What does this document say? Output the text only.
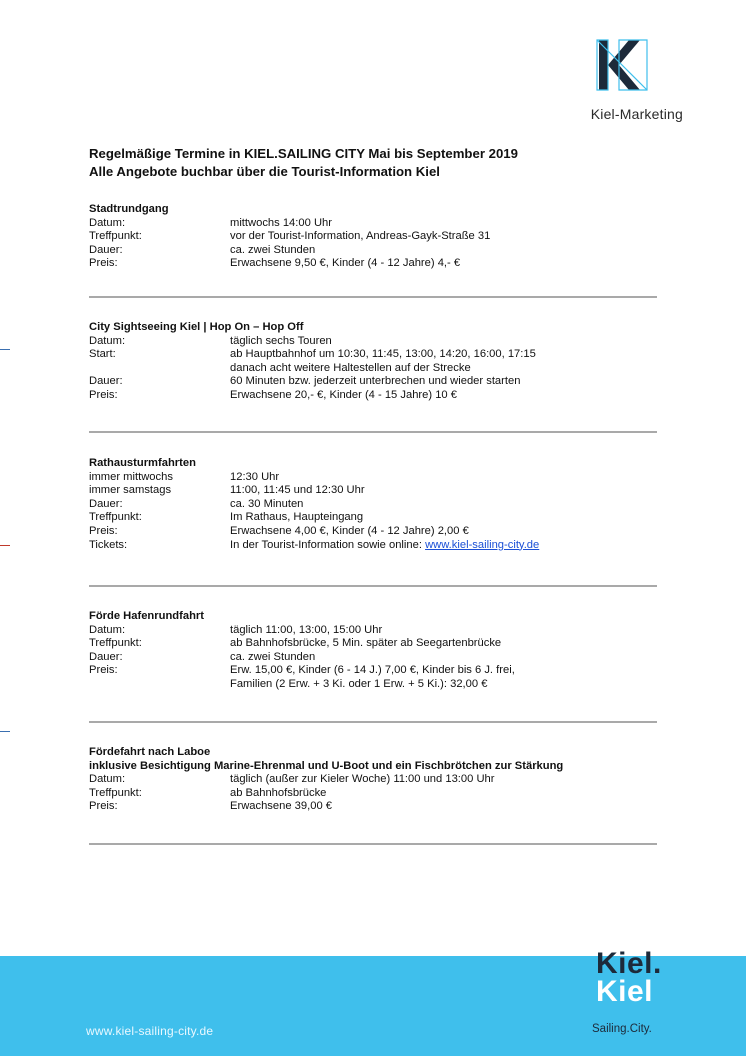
Kiel-Marketing
Regelmäßige Termine in KIEL.SAILING CITY Mai bis September 2019
Alle Angebote buchbar über die Tourist-Information Kiel
Stadtrundgang
Datum:	mittwochs 14:00 Uhr
Treffpunkt:	vor der Tourist-Information, Andreas-Gayk-Straße 31
Dauer:	ca. zwei Stunden
Preis:	Erwachsene 9,50 €, Kinder (4 - 12 Jahre) 4,- €
City Sightseeing Kiel | Hop On – Hop Off
Datum:	täglich sechs Touren
Start:	ab Hauptbahnhof um 10:30, 11:45, 13:00, 14:20, 16:00, 17:15
danach acht weitere Haltestellen auf der Strecke
Dauer:	60 Minuten bzw. jederzeit unterbrechen und wieder starten
Preis:	Erwachsene 20,- €, Kinder (4 - 15 Jahre) 10 €
Rathausturmfahrten
immer mittwochs	12:30 Uhr
immer samstags	11:00, 11:45 und 12:30 Uhr
Dauer:	ca. 30 Minuten
Treffpunkt:	Im Rathaus, Haupteingang
Preis:	Erwachsene 4,00 €, Kinder (4 - 12 Jahre) 2,00 €
Tickets:	In der Tourist-Information sowie online: www.kiel-sailing-city.de
Förde Hafenrundfahrt
Datum:	täglich 11:00, 13:00, 15:00 Uhr
Treffpunkt:	ab Bahnhofsbrücke, 5 Min. später ab Seegartenbrücke
Dauer:	ca. zwei Stunden
Preis:	Erw. 15,00 €, Kinder (6 - 14 J.) 7,00 €, Kinder bis 6 J. frei,
Familien (2 Erw. + 3 Ki. oder 1 Erw. + 5 Ki.): 32,00 €
Fördefahrt nach Laboe
inklusive Besichtigung Marine-Ehrenmal und U-Boot und ein Fischbrötchen zur Stärkung
Datum:	täglich (außer zur Kieler Woche) 11:00 und 13:00 Uhr
Treffpunkt:	ab Bahnhofsbrücke
Preis:	Erwachsene 39,00 €
www.kiel-sailing-city.de
Kiel.
Kiel
Sailing.City.
